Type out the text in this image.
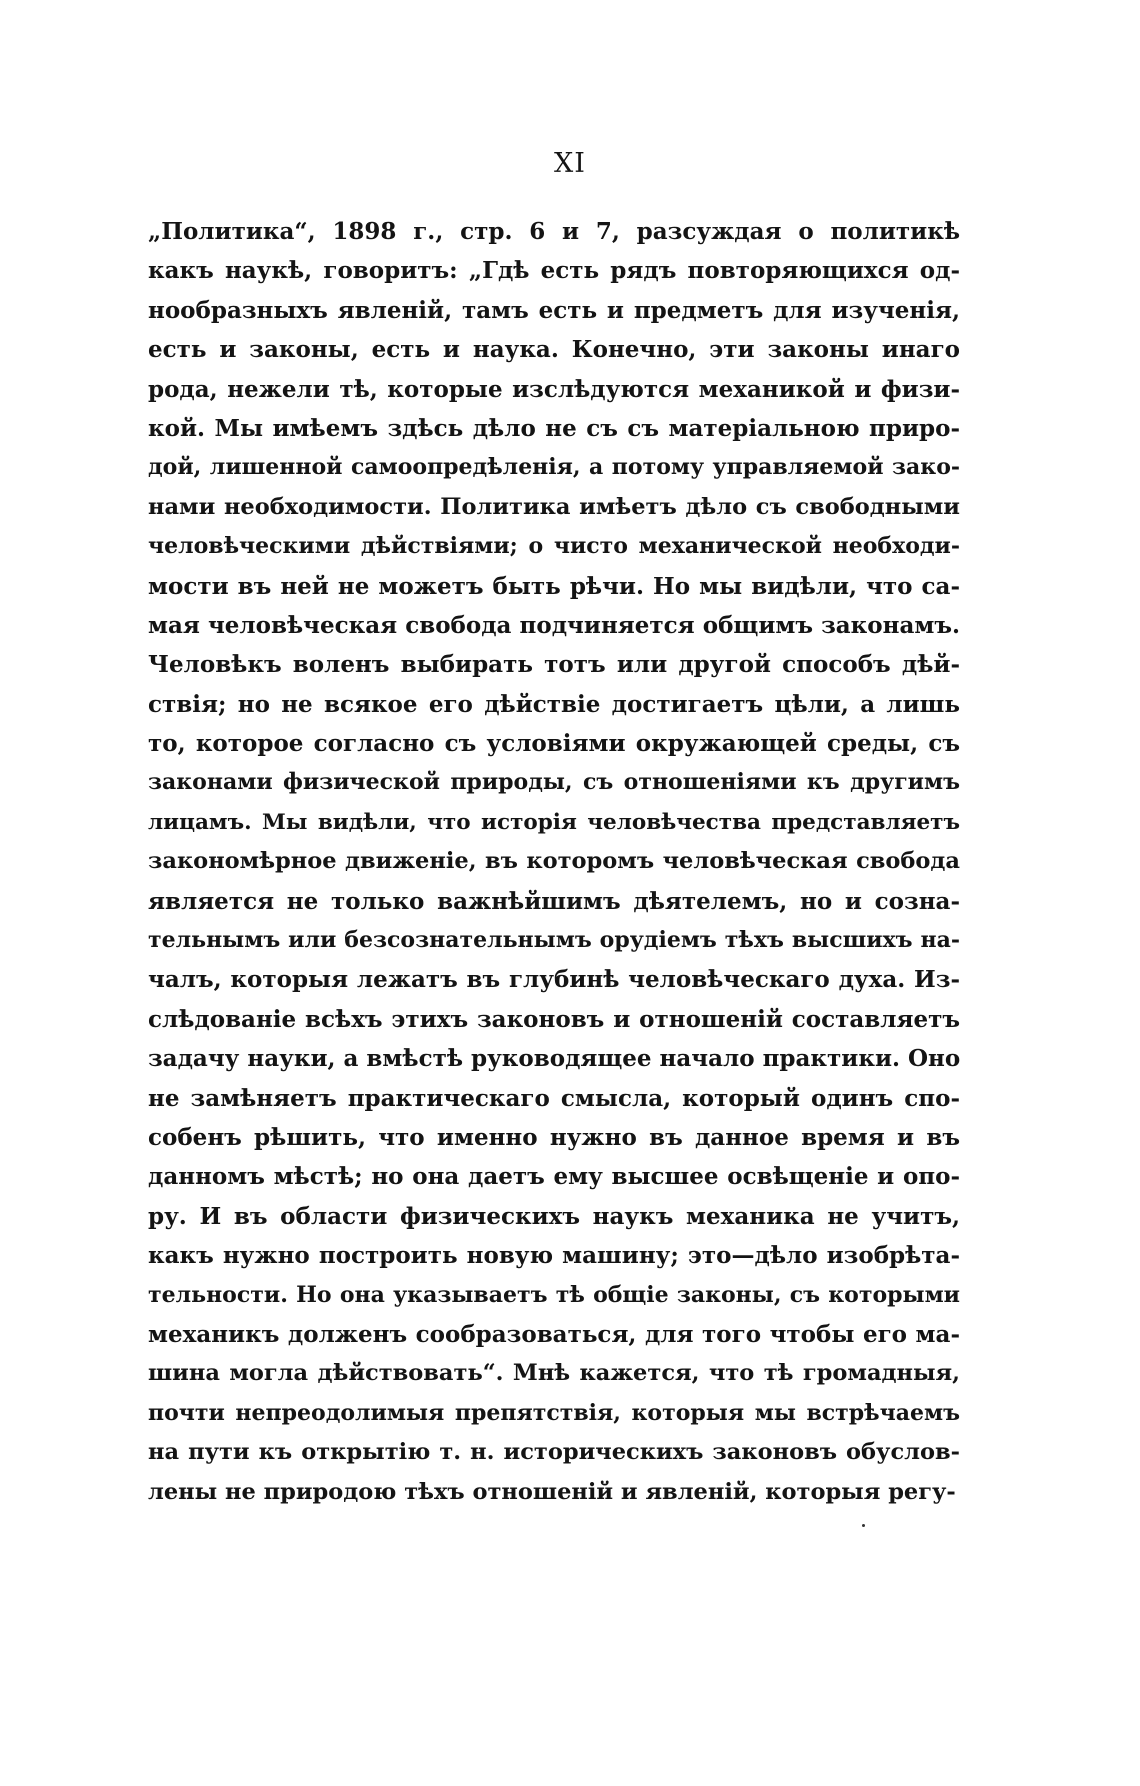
XI
„Политика“, 1898 г., стр. 6 и 7, разсуждая о политикѣ
какъ наукѣ, говоритъ: „Гдѣ есть рядъ повторяющихся од-
нообразныхъ явленій, тамъ есть и предметъ для изученія,
есть и законы, есть и наука. Конечно, эти законы инаго
рода, нежели тѣ, которые изслѣдуются механикой и физи-
кой. Мы имѣемъ здѣсь дѣло не съ съ матеріальною приро-
дой, лишенной самоопредѣленія, а потому управляемой зако-
нами необходимости. Политика имѣетъ дѣло съ свободными
человѣческими дѣйствіями; о чисто механической необходи-
мости въ ней не можетъ быть рѣчи. Но мы видѣли, что са-
мая человѣческая свобода подчиняется общимъ законамъ.
Человѣкъ воленъ выбирать тотъ или другой способъ дѣй-
ствія; но не всякое его дѣйствіе достигаетъ цѣли, а лишь
то, которое согласно съ условіями окружающей среды, съ
законами физической природы, съ отношеніями къ другимъ
лицамъ. Мы видѣли, что исторія человѣчества представляетъ
закономѣрное движеніе, въ которомъ человѣческая свобода
является не только важнѣйшимъ дѣятелемъ, но и созна-
тельнымъ или безсознательнымъ орудіемъ тѣхъ высшихъ на-
чалъ, которыя лежатъ въ глубинѣ человѣческаго духа. Из-
слѣдованіе всѣхъ этихъ законовъ и отношеній составляетъ
задачу науки, а вмѣстѣ руководящее начало практики. Оно
не замѣняетъ практическаго смысла, который одинъ спо-
собенъ рѣшить, что именно нужно въ данное время и въ
данномъ мѣстѣ; но она даетъ ему высшее освѣщеніе и опо-
ру. И въ области физическихъ наукъ механика не учитъ,
какъ нужно построить новую машину; это—дѣло изобрѣта-
тельности. Но она указываетъ тѣ общіе законы, съ которыми
механикъ долженъ сообразоваться, для того чтобы его ма-
шина могла дѣйствовать“. Мнѣ кажется, что тѣ громадныя,
почти непреодолимыя препятствія, которыя мы встрѣчаемъ
на пути къ открытію т. н. историческихъ законовъ обуслов-
лены не природою тѣхъ отношеній и явленій, которыя регу-
